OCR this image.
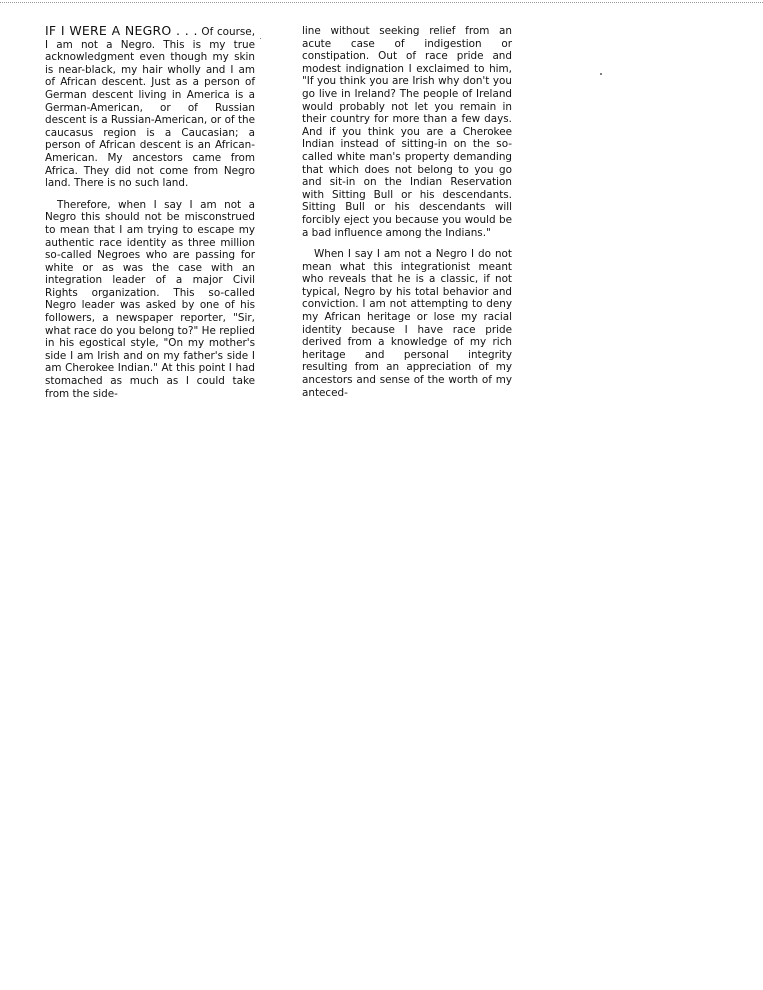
IF I WERE A NEGRO . . . Of course, I am not a Negro. This is my true acknowledgment even though my skin is near-black, my hair wholly and I am of African descent. Just as a person of German descent living in America is a German-American, or of Russian descent is a Russian-American, or of the caucasus region is a Caucasian; a person of African descent is an African-American. My ancestors came from Africa. They did not come from Negro land. There is no such land.

Therefore, when I say I am not a Negro this should not be misconstrued to mean that I am trying to escape my authentic race identity as three million so-called Negroes who are passing for white or as was the case with an integration leader of a major Civil Rights organization. This so-called Negro leader was asked by one of his followers, a newspaper reporter, "Sir, what race do you belong to?" He replied in his egostical style, "On my mother's side I am Irish and on my father's side I am Cherokee Indian." At this point I had stomached as much as I could take from the side-

line without seeking relief from an acute case of indigestion or constipation. Out of race pride and modest indignation I exclaimed to him, "If you think you are Irish why don't you go live in Ireland? The people of Ireland would probably not let you remain in their country for more than a few days. And if you think you are a Cherokee Indian instead of sitting-in on the so-called white man's property demanding that which does not belong to you go and sit-in on the Indian Reservation with Sitting Bull or his descendants. Sitting Bull or his descendants will forcibly eject you because you would be a bad influence among the Indians."

When I say I am not a Negro I do not mean what this integrationist meant who reveals that he is a classic, if not typical, Negro by his total behavior and conviction. I am not attempting to deny my African heritage or lose my racial identity because I have race pride derived from a knowledge of my rich heritage and personal integrity resulting from an appreciation of my ancestors and sense of the worth of my anteced-
